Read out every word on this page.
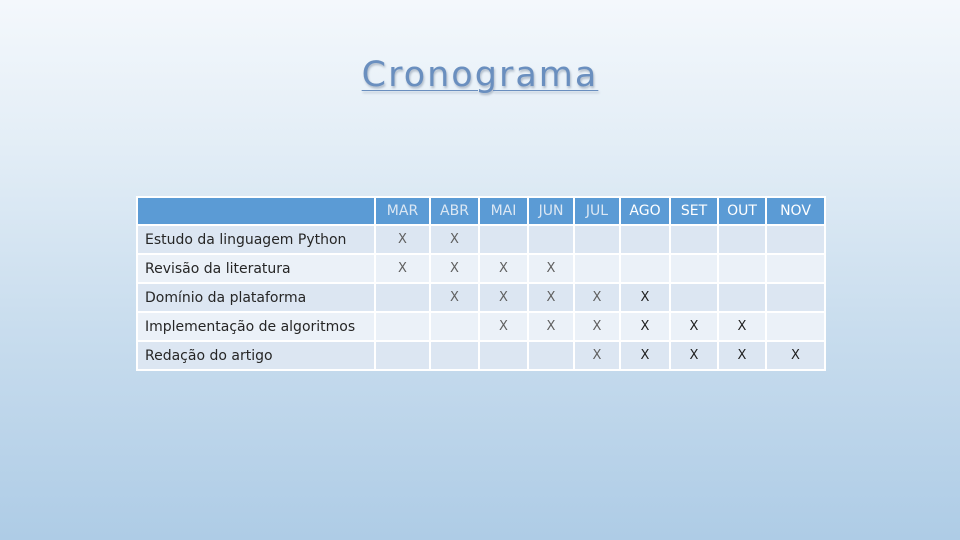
Cronograma
	MAR	ABR	MAI	JUN	JUL	AGO	SET	OUT	NOV
Estudo da linguagem Python	X	X							
Revisão da literatura	X	X	X	X					
Domínio da plataforma		X	X	X	X	X			
Implementação de algoritmos			X	X	X	X	X	X	
Redação do artigo					X	X	X	X	X
